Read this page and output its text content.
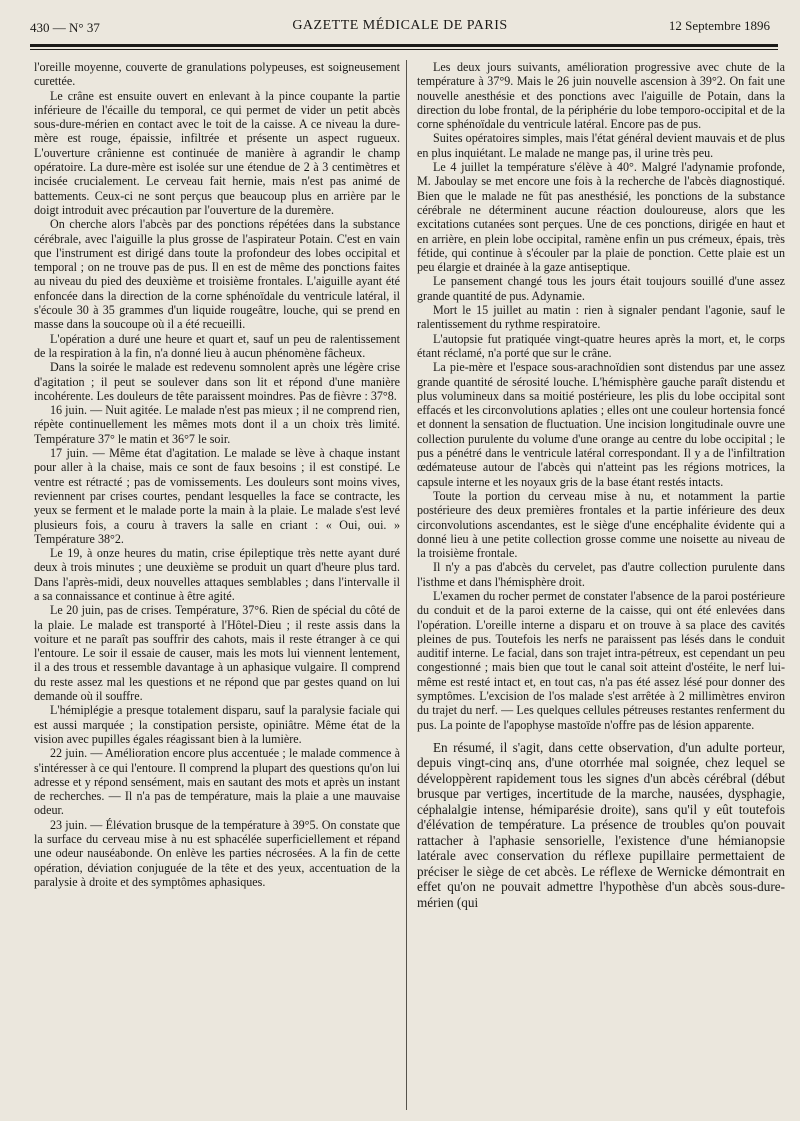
430 — N° 37	GAZETTE MÉDICALE DE PARIS	12 Septembre 1896

l'oreille moyenne, couverte de granulations polypeuses, est soigneusement curettée.

Le crâne est ensuite ouvert en enlevant à la pince coupante la partie inférieure de l'écaille du temporal, ce qui permet de vider un petit abcès sous-dure-mérien en contact avec le toit de la caisse. A ce niveau la dure-mère est rouge, épaissie, infiltrée et présente un aspect rugueux. L'ouverture crânienne est continuée de manière à agrandir le champ opératoire. La dure-mère est isolée sur une étendue de 2 à 3 centimètres et incisée crucialement. Le cerveau fait hernie, mais n'est pas animé de battements. Ceux-ci ne sont perçus que beaucoup plus en arrière par le doigt introduit avec précaution par l'ouverture de la duremère.

On cherche alors l'abcès par des ponctions répétées dans la substance cérébrale, avec l'aiguille la plus grosse de l'aspirateur Potain. C'est en vain que l'instrument est dirigé dans toute la profondeur des lobes occipital et temporal ; on ne trouve pas de pus. Il en est de même des ponctions faites au niveau du pied des deuxième et troisième frontales. L'aiguille ayant été enfoncée dans la direction de la corne sphénoïdale du ventricule latéral, il s'écoule 30 à 35 grammes d'un liquide rougeâtre, louche, qui se prend en masse dans la soucoupe où il a été recueilli.

L'opération a duré une heure et quart et, sauf un peu de ralentissement de la respiration à la fin, n'a donné lieu à aucun phénomène fâcheux.

Dans la soirée le malade est redevenu somnolent après une légère crise d'agitation ; il peut se soulever dans son lit et répond d'une manière incohérente. Les douleurs de tête paraissent moindres. Pas de fièvre : 37°8.

16 juin. — Nuit agitée. Le malade n'est pas mieux ; il ne comprend rien, répète continuellement les mêmes mots dont il a un choix très limité. Température 37° le matin et 36°7 le soir.

17 juin. — Même état d'agitation. Le malade se lève à chaque instant pour aller à la chaise, mais ce sont de faux besoins ; il est constipé. Le ventre est rétracté ; pas de vomissements. Les douleurs sont moins vives, reviennent par crises courtes, pendant lesquelles la face se contracte, les yeux se ferment et le malade porte la main à la plaie. Le malade s'est levé plusieurs fois, a couru à travers la salle en criant : « Oui, oui. » Température 38°2.

Le 19, à onze heures du matin, crise épileptique très nette ayant duré deux à trois minutes ; une deuxième se produit un quart d'heure plus tard. Dans l'après-midi, deux nouvelles attaques semblables ; dans l'intervalle il a sa connaissance et continue à être agité.

Le 20 juin, pas de crises. Température, 37°6. Rien de spécial du côté de la plaie. Le malade est transporté à l'Hôtel-Dieu ; il reste assis dans la voiture et ne paraît pas souffrir des cahots, mais il reste étranger à ce qui l'entoure. Le soir il essaie de causer, mais les mots lui viennent lentement, il a des trous et ressemble davantage à un aphasique vulgaire. Il comprend du reste assez mal les questions et ne répond que par gestes quand on lui demande où il souffre.

L'hémiplégie a presque totalement disparu, sauf la paralysie faciale qui est aussi marquée ; la constipation persiste, opiniâtre. Même état de la vision avec pupilles égales réagissant bien à la lumière.

22 juin. — Amélioration encore plus accentuée ; le malade commence à s'intéresser à ce qui l'entoure. Il comprend la plupart des questions qu'on lui adresse et y répond sensément, mais en sautant des mots et après un instant de recherches. — Il n'a pas de température, mais la plaie a une mauvaise odeur.

23 juin. — Élévation brusque de la température à 39°5. On constate que la surface du cerveau mise à nu est sphacélée superficiellement et répand une odeur nauséabonde. On enlève les parties nécrosées. A la fin de cette opération, déviation conjuguée de la tête et des yeux, accentuation de la paralysie à droite et des symptômes aphasiques.

Les deux jours suivants, amélioration progressive avec chute de la température à 37°9. Mais le 26 juin nouvelle ascension à 39°2. On fait une nouvelle anesthésie et des ponctions avec l'aiguille de Potain, dans la direction du lobe frontal, de la périphérie du lobe temporo-occipital et de la corne sphénoïdale du ventricule latéral. Encore pas de pus.

Suites opératoires simples, mais l'état général devient mauvais et de plus en plus inquiétant. Le malade ne mange pas, il urine très peu.

Le 4 juillet la température s'élève à 40°. Malgré l'adynamie profonde, M. Jaboulay se met encore une fois à la recherche de l'abcès diagnostiqué. Bien que le malade ne fût pas anesthésié, les ponctions de la substance cérébrale ne déterminent aucune réaction douloureuse, alors que les excitations cutanées sont perçues. Une de ces ponctions, dirigée en haut et en arrière, en plein lobe occipital, ramène enfin un pus crémeux, épais, très fétide, qui continue à s'écouler par la plaie de ponction. Cette plaie est un peu élargie et drainée à la gaze antiseptique.

Le pansement changé tous les jours était toujours souillé d'une assez grande quantité de pus. Adynamie.

Mort le 15 juillet au matin : rien à signaler pendant l'agonie, sauf le ralentissement du rythme respiratoire.

L'autopsie fut pratiquée vingt-quatre heures après la mort, et, le corps étant réclamé, n'a porté que sur le crâne.

La pie-mère et l'espace sous-arachnoïdien sont distendus par une assez grande quantité de sérosité louche. L'hémisphère gauche paraît distendu et plus volumineux dans sa moitié postérieure, les plis du lobe occipital sont effacés et les circonvolutions aplaties ; elles ont une couleur hortensia foncé et donnent la sensation de fluctuation. Une incision longitudinale ouvre une collection purulente du volume d'une orange au centre du lobe occipital ; le pus a pénétré dans le ventricule latéral correspondant. Il y a de l'infiltration œdémateuse autour de l'abcès qui n'atteint pas les régions motrices, la capsule interne et les noyaux gris de la base étant restés intacts.

Toute la portion du cerveau mise à nu, et notamment la partie postérieure des deux premières frontales et la partie inférieure des deux circonvolutions ascendantes, est le siège d'une encéphalite évidente qui a donné lieu à une petite collection grosse comme une noisette au niveau de la troisième frontale.

Il n'y a pas d'abcès du cervelet, pas d'autre collection purulente dans l'isthme et dans l'hémisphère droit.

L'examen du rocher permet de constater l'absence de la paroi postérieure du conduit et de la paroi externe de la caisse, qui ont été enlevées dans l'opération. L'oreille interne a disparu et on trouve à sa place des cavités pleines de pus. Toutefois les nerfs ne paraissent pas lésés dans le conduit auditif interne. Le facial, dans son trajet intra-pétreux, est cependant un peu congestionné ; mais bien que tout le canal soit atteint d'ostéite, le nerf lui-même est resté intact et, en tout cas, n'a pas été assez lésé pour donner des symptômes. L'excision de l'os malade s'est arrêtée à 2 millimètres environ du trajet du nerf. — Les quelques cellules pétreuses restantes renferment du pus. La pointe de l'apophyse mastoïde n'offre pas de lésion apparente.

En résumé, il s'agit, dans cette observation, d'un adulte porteur, depuis vingt-cinq ans, d'une otorrhée mal soignée, chez lequel se développèrent rapidement tous les signes d'un abcès cérébral (début brusque par vertiges, incertitude de la marche, nausées, dysphagie, céphalalgie intense, hémiparésie droite), sans qu'il y eût toutefois d'élévation de température. La présence de troubles qu'on pouvait rattacher à l'aphasie sensorielle, l'existence d'une hémianopsie latérale avec conservation du réflexe pupillaire permettaient de préciser le siège de cet abcès. Le réflexe de Wernicke démontrait en effet qu'on ne pouvait admettre l'hypothèse d'un abcès sous-dure-mérien (qui
